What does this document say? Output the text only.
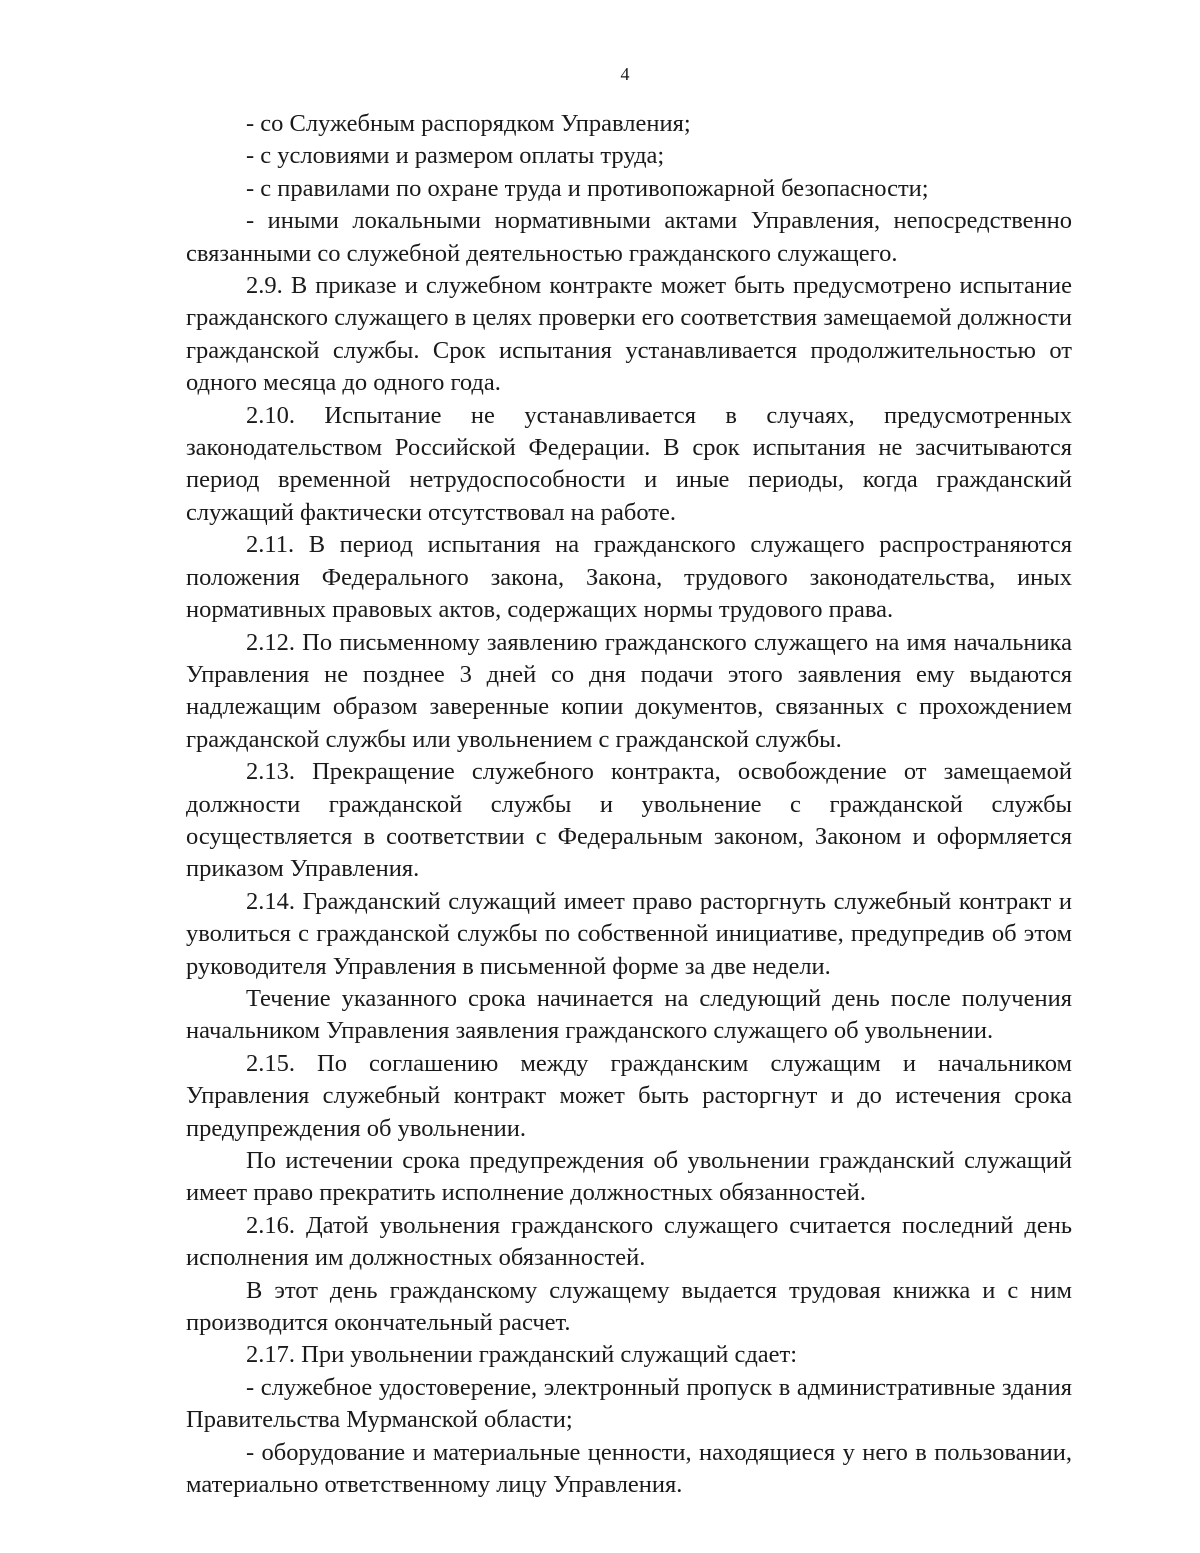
4

- со Служебным распорядком Управления;

- с условиями и размером оплаты труда;

- с правилами по охране труда и противопожарной безопасности;

- иными локальными нормативными актами Управления, непосредственно связанными со служебной деятельностью гражданского служащего.

2.9. В приказе и служебном контракте может быть предусмотрено испытание гражданского служащего в целях проверки его соответствия замещаемой должности гражданской службы. Срок испытания устанавливается продолжительностью от одного месяца до одного года.

2.10. Испытание не устанавливается в случаях, предусмотренных законодательством Российской Федерации. В срок испытания не засчитываются период временной нетрудоспособности и иные периоды, когда гражданский служащий фактически отсутствовал на работе.

2.11. В период испытания на гражданского служащего распространяются положения Федерального закона, Закона, трудового законодательства, иных нормативных правовых актов, содержащих нормы трудового права.

2.12. По письменному заявлению гражданского служащего на имя начальника Управления не позднее 3 дней со дня подачи этого заявления ему выдаются надлежащим образом заверенные копии документов, связанных с прохождением гражданской службы или увольнением с гражданской службы.

2.13. Прекращение служебного контракта, освобождение от замещаемой должности гражданской службы и увольнение с гражданской службы осуществляется в соответствии с Федеральным законом, Законом и оформляется приказом Управления.

2.14. Гражданский служащий имеет право расторгнуть служебный контракт и уволиться с гражданской службы по собственной инициативе, предупредив об этом руководителя Управления в письменной форме за две недели.

Течение указанного срока начинается на следующий день после получения начальником Управления заявления гражданского служащего об увольнении.

2.15. По соглашению между гражданским служащим и начальником Управления служебный контракт может быть расторгнут и до истечения срока предупреждения об увольнении.

По истечении срока предупреждения об увольнении гражданский служащий имеет право прекратить исполнение должностных обязанностей.

2.16. Датой увольнения гражданского служащего считается последний день исполнения им должностных обязанностей.

В этот день гражданскому служащему выдается трудовая книжка и с ним производится окончательный расчет.

2.17. При увольнении гражданский служащий сдает:

- служебное удостоверение, электронный пропуск в административные здания Правительства Мурманской области;

- оборудование и материальные ценности, находящиеся у него в пользовании, материально ответственному лицу Управления.
